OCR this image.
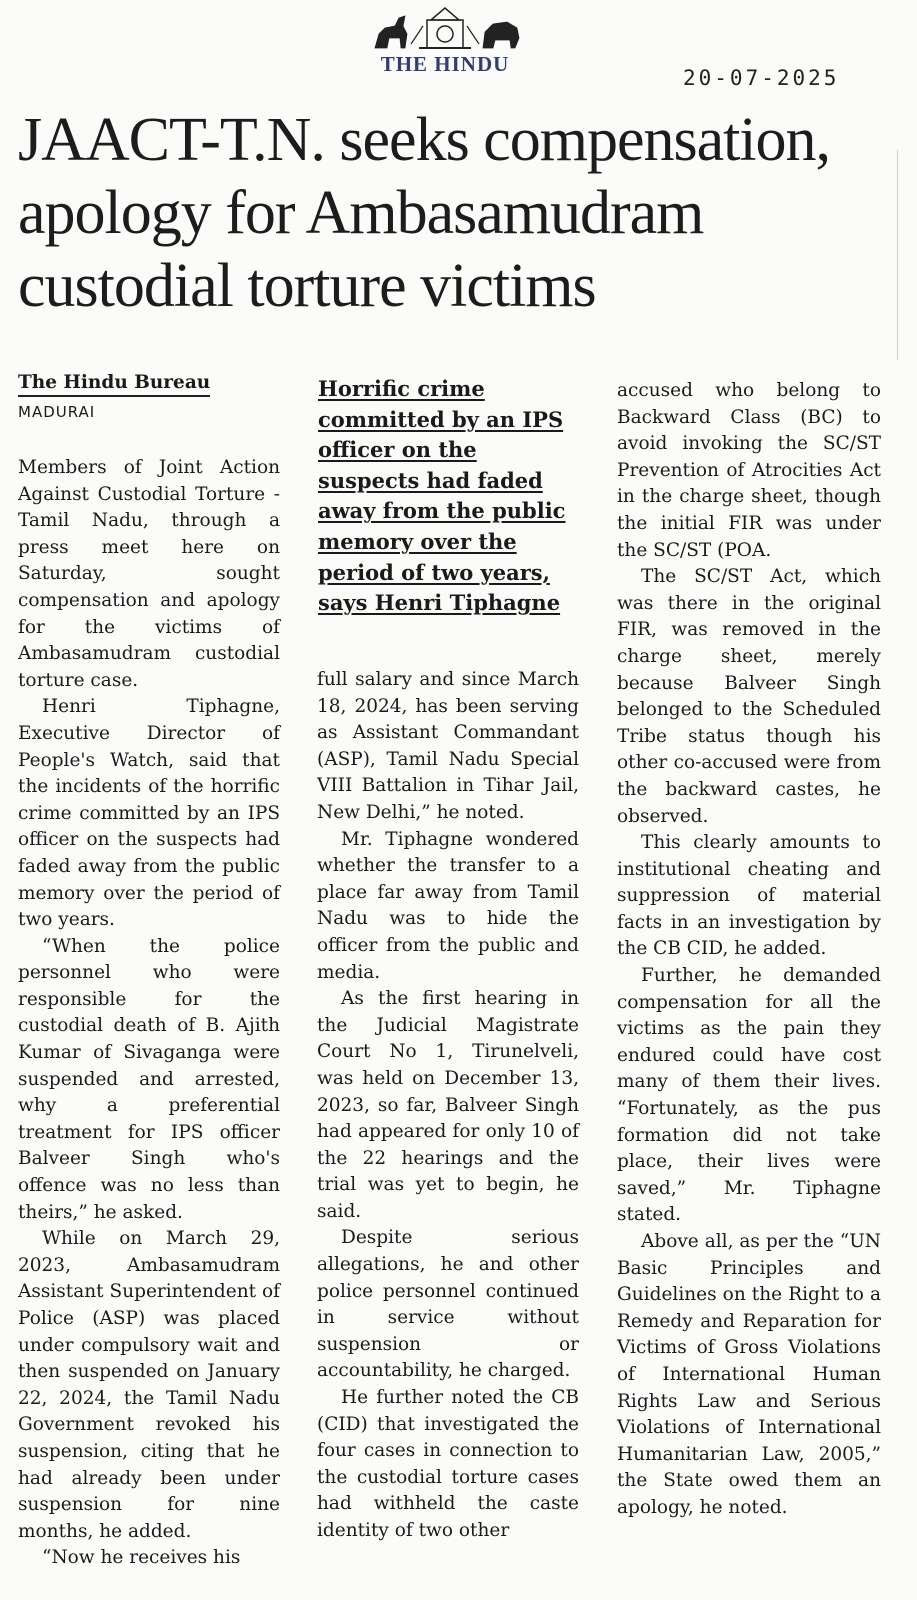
THE HINDU
20-07-2025
JAACT-T.N. seeks compensation, apology for Ambasamudram custodial torture victims
The Hindu Bureau
MADURAI

Members of Joint Action Against Custodial Torture - Tamil Nadu, through a press meet here on Saturday, sought compensation and apology for the victims of Ambasamudram custodial torture case.

Henri Tiphagne, Executive Director of People's Watch, said that the incidents of the horrific crime committed by an IPS officer on the suspects had faded away from the public memory over the period of two years.

“When the police personnel who were responsible for the custodial death of B. Ajith Kumar of Sivaganga were suspended and arrested, why a preferential treatment for IPS officer Balveer Singh who's offence was no less than theirs,” he asked.

While on March 29, 2023, Ambasamudram Assistant Superintendent of Police (ASP) was placed under compulsory wait and then suspended on January 22, 2024, the Tamil Nadu Government revoked his suspension, citing that he had already been under suspension for nine months, he added.

“Now he receives his

Horrific crime committed by an IPS officer on the suspects had faded away from the public memory over the period of two years, says Henri Tiphagne

full salary and since March 18, 2024, has been serving as Assistant Commandant (ASP), Tamil Nadu Special VIII Battalion in Tihar Jail, New Delhi,” he noted.

Mr. Tiphagne wondered whether the transfer to a place far away from Tamil Nadu was to hide the officer from the public and media.

As the first hearing in the Judicial Magistrate Court No 1, Tirunelveli, was held on December 13, 2023, so far, Balveer Singh had appeared for only 10 of the 22 hearings and the trial was yet to begin, he said.

Despite serious allegations, he and other police personnel continued in service without suspension or accountability, he charged.

He further noted the CB (CID) that investigated the four cases in connection to the custodial torture cases had withheld the caste identity of two other

accused who belong to Backward Class (BC) to avoid invoking the SC/ST Prevention of Atrocities Act in the charge sheet, though the initial FIR was under the SC/ST (POA.

The SC/ST Act, which was there in the original FIR, was removed in the charge sheet, merely because Balveer Singh belonged to the Scheduled Tribe status though his other co-accused were from the backward castes, he observed.

This clearly amounts to institutional cheating and suppression of material facts in an investigation by the CB CID, he added.

Further, he demanded compensation for all the victims as the pain they endured could have cost many of them their lives. “Fortunately, as the pus formation did not take place, their lives were saved,” Mr. Tiphagne stated.

Above all, as per the “UN Basic Principles and Guidelines on the Right to a Remedy and Reparation for Victims of Gross Violations of International Human Rights Law and Serious Violations of International Humanitarian Law, 2005,” the State owed them an apology, he noted.
